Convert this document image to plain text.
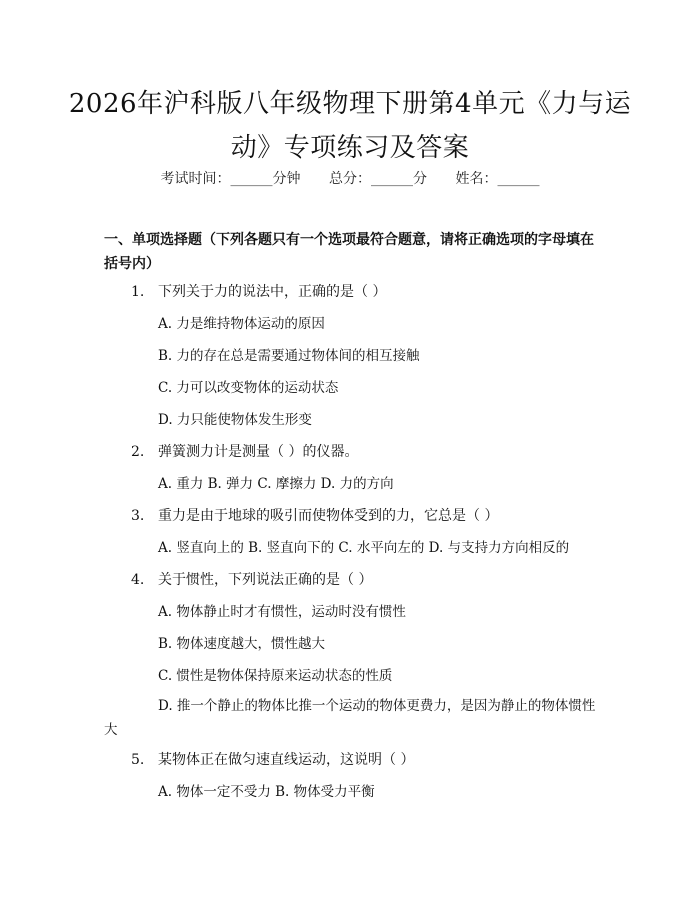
2026年沪科版八年级物理下册第4单元《力与运动》专项练习及答案
考试时间：______分钟 总分：______分 姓名：______
一、单项选择题（下列各题只有一个选项最符合题意，请将正确选项的字母填在括号内）
1. 下列关于力的说法中，正确的是（ ）
A. 力是维持物体运动的原因
B. 力的存在总是需要通过物体间的相互接触
C. 力可以改变物体的运动状态
D. 力只能使物体发生形变
2. 弹簧测力计是测量（ ）的仪器。
A. 重力 B. 弹力 C. 摩擦力 D. 力的方向
3. 重力是由于地球的吸引而使物体受到的力，它总是（ ）
A. 竖直向上的 B. 竖直向下的 C. 水平向左的 D. 与支持力方向相反的
4. 关于惯性，下列说法正确的是（ ）
A. 物体静止时才有惯性，运动时没有惯性
B. 物体速度越大，惯性越大
C. 惯性是物体保持原来运动状态的性质
D. 推一个静止的物体比推一个运动的物体更费力，是因为静止的物体惯性大
5. 某物体正在做匀速直线运动，这说明（ ）
A. 物体一定不受力 B. 物体受力平衡
